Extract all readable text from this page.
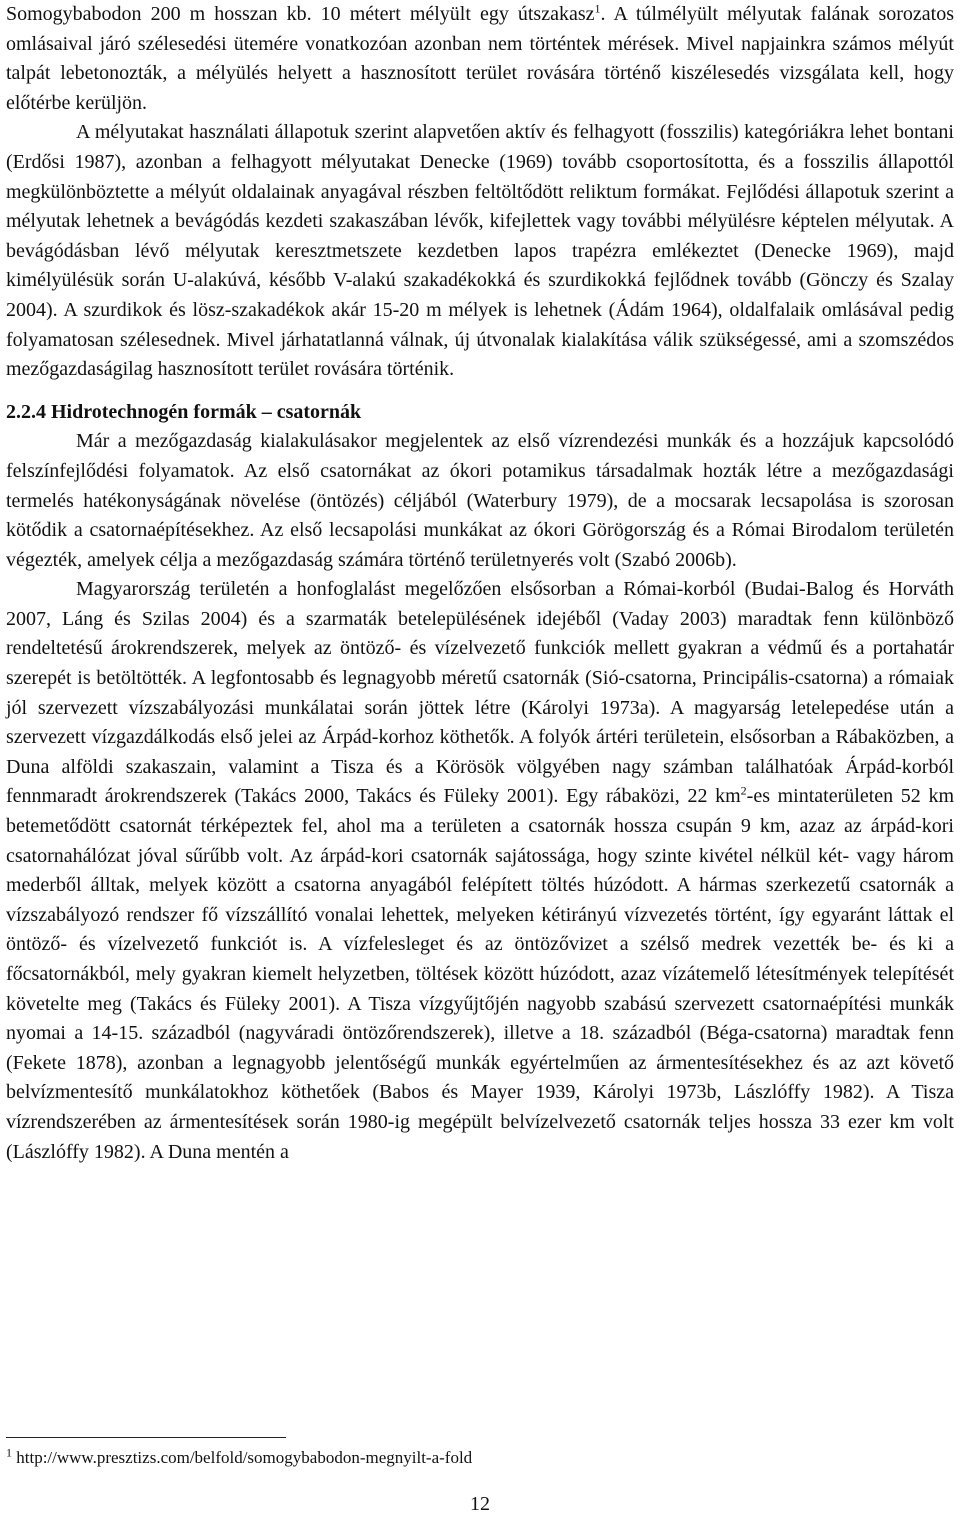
Somogybabodon 200 m hosszan kb. 10 métert mélyült egy útszakasz$^1$. A túlmélyült mélyutak falának sorozatos omlásaival járó szélesedési ütemére vonatkozóan azonban nem történtek mérések. Mivel napjainkra számos mélyút talpát lebetonozták, a mélyülés helyett a hasznosított terület rovására történő kiszélesedés vizsgálata kell, hogy előtérbe kerüljön.

A mélyutakat használati állapotuk szerint alapvetően aktív és felhagyott (fosszilis) kategóriákra lehet bontani (Erdősi 1987), azonban a felhagyott mélyutakat Denecke (1969) tovább csoportosította, és a fosszilis állapottól megkülönböztette a mélyút oldalainak anyagával részben feltöltődött reliktum formákat. Fejlődési állapotuk szerint a mélyutak lehetnek a bevágódás kezdeti szakaszában lévők, kifejlettek vagy további mélyülésre képtelen mélyutak. A bevágódásban lévő mélyutak keresztmetszete kezdetben lapos trapézra emlékeztet (Denecke 1969), majd kimélyülésük során U-alakúvá, később V-alakú szakadékokká és szurdikokká fejlődnek tovább (Gönczy és Szalay 2004). A szurdikok és lösz-szakadékok akár 15-20 m mélyek is lehetnek (Ádám 1964), oldalfalaik omlásával pedig folyamatosan szélesednek. Mivel járhatatlanná válnak, új útvonalak kialakítása válik szükségessé, ami a szomszédos mezőgazdaságilag hasznosított terület rovására történik.

2.2.4 Hidrotechnogén formák – csatornák

Már a mezőgazdaság kialakulásakor megjelentek az első vízrendezési munkák és a hozzájuk kapcsolódó felszínfejlődési folyamatok. Az első csatornákat az ókori potamikus társadalmak hozták létre a mezőgazdasági termelés hatékonyságának növelése (öntözés) céljából (Waterbury 1979), de a mocsarak lecsapolása is szorosan kötődik a csatornaépítésekhez. Az első lecsapolási munkákat az ókori Görögország és a Római Birodalom területén végezték, amelyek célja a mezőgazdaság számára történő területnyerés volt (Szabó 2006b).

Magyarország területén a honfoglalást megelőzően elsősorban a Római-korból (Budai-Balog és Horváth 2007, Láng és Szilas 2004) és a szarmaták betelepülésének idejéből (Vaday 2003) maradtak fenn különböző rendeltetésű árokrendszerek, melyek az öntöző- és vízelvezető funkciók mellett gyakran a védmű és a portahatár szerepét is betöltötték. A legfontosabb és legnagyobb méretű csatornák (Sió-csatorna, Principális-csatorna) a rómaiak jól szervezett vízszabályozási munkálatai során jöttek létre (Károlyi 1973a). A magyarság letelepedése után a szervezett vízgazdálkodás első jelei az Árpád-korhoz köthetők. A folyók ártéri területein, elsősorban a Rábaközben, a Duna alföldi szakaszain, valamint a Tisza és a Körösök völgyében nagy számban találhatóak Árpád-korból fennmaradt árokrendszerek (Takács 2000, Takács és Füleky 2001). Egy rábaközi, 22 $km^2-es$ mintaterületen 52 km betemetődött csatornát térképeztek fel, ahol ma a területen a csatornák hossza csupán 9 km, azaz az árpád-kori csatornahálózat jóval sűrűbb volt. Az árpád-kori csatornák sajátossága, hogy szinte kivétel nélkül két- vagy három mederből álltak, melyek között a csatorna anyagából felépített töltés húzódott. A hármas szerkezetű csatornák a vízszabályozó rendszer fő vízszállító vonalai lehettek, melyeken kétirányú vízvezetés történt, így egyaránt láttak el öntöző- és vízelvezető funkciót is. A vízfelesleget és az öntözővizet a szélső medrek vezették be- és ki a főcsatornákból, mely gyakran kiemelt helyzetben, töltések között húzódott, azaz vízátemelő létesítmények telepítését követelte meg (Takács és Füleky 2001). A Tisza vízgyűjtőjén nagyobb szabású szervezett csatornaépítési munkák nyomai a 14-15. századból (nagyváradi öntözőrendszerek), illetve a 18. századból (Béga-csatorna) maradtak fenn (Fekete 1878), azonban a legnagyobb jelentőségű munkák egyértelműen az ármentesítésekhez és az azt követő belvízmentesítő munkálatokhoz köthetőek (Babos és Mayer 1939, Károlyi 1973b, Lászlóffy 1982). A Tisza vízrendszerében az ármentesítések során 1980-ig megépült belvízelvezető csatornák teljes hossza 33 ezer km volt (Lászlóffy 1982). A Duna mentén a

$^1$ http://www.presztizs.com/belfold/somogybabodon-megnyilt-a-fold
12
